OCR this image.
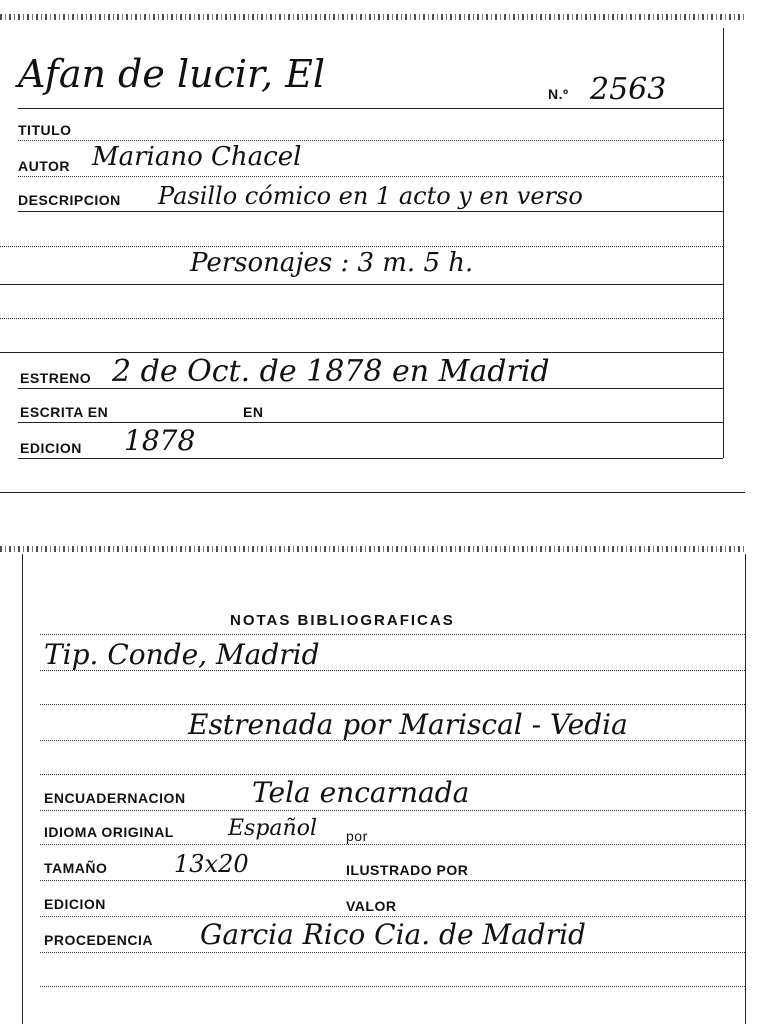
Afan de lucir, El	N.º 2563
TITULO
AUTOR Mariano Chacel
DESCRIPCION Pasillo cómico en 1 acto y en verso
Personajes : 3 m. 5 h.
ESTRENO 2 de Oct. de 1878 en Madrid
ESCRITA EN	EN
EDICION 1878
NOTAS BIBLIOGRAFICAS
Tip. Conde, Madrid
Estrenada por Mariscal - Vedia
ENCUADERNACION Tela encarnada
IDIOMA ORIGINAL Español por
TAMAÑO	13x20	ILUSTRADO POR
EDICION	VALOR
PROCEDENCIA Garcia Rico Cia. de Madrid
